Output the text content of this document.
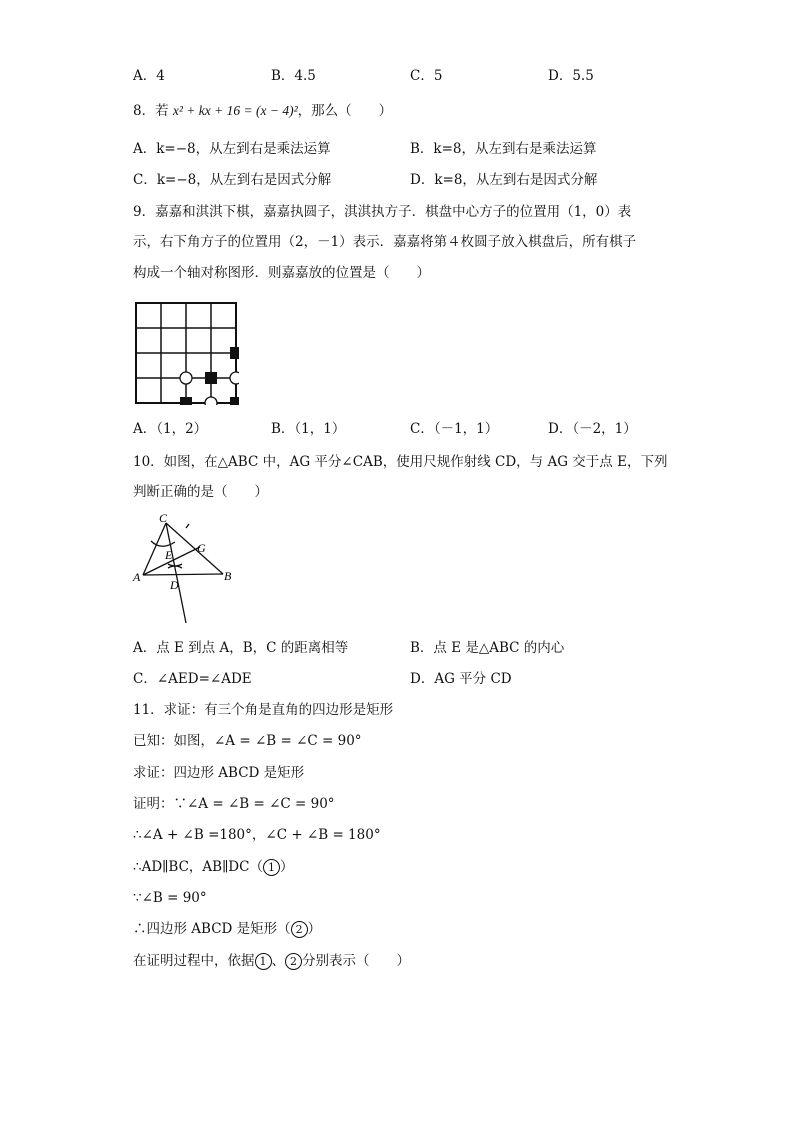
A．4	B．4.5	C．5	D．5.5
8．若 x² + kx + 16 = (x − 4)²，那么（　　）
A．k=−8，从左到右是乘法运算	B．k=8，从左到右是乘法运算
C．k=−8，从左到右是因式分解	D．k=8，从左到右是因式分解
9．嘉嘉和淇淇下棋，嘉嘉执圆子，淇淇执方子．棋盘中心方子的位置用（1，0）表
示，右下角方子的位置用（2，－1）表示．嘉嘉将第４枚圆子放入棋盘后，所有棋子
构成一个轴对称图形．则嘉嘉放的位置是（　　）
A．（1，2）	B．（1，1）	C．（－1，1）	D．（－2，1）
10．如图，在△ABC 中，AG 平分∠CAB，使用尺规作射线 CD，与 AG 交于点 E，下列
判断正确的是（　　）
C
G
E
A
D
B
A．点 E 到点 A，B，C 的距离相等	B．点 E 是△ABC 的内心
C．∠AED=∠ADE	D．AG 平分 CD
11．求证：有三个角是直角的四边形是矩形
已知：如图，∠A = ∠B = ∠C = 90°
求证：四边形 ABCD 是矩形
证明：∵∠A = ∠B = ∠C = 90°
∴∠A + ∠B =180°，∠C + ∠B = 180°
∴AD∥BC，AB∥DC（ 1 ）
∵∠B = 90°
∴四边形 ABCD 是矩形（ 2 ）
在证明过程中，依据 1 、 2 分别表示（　　）
